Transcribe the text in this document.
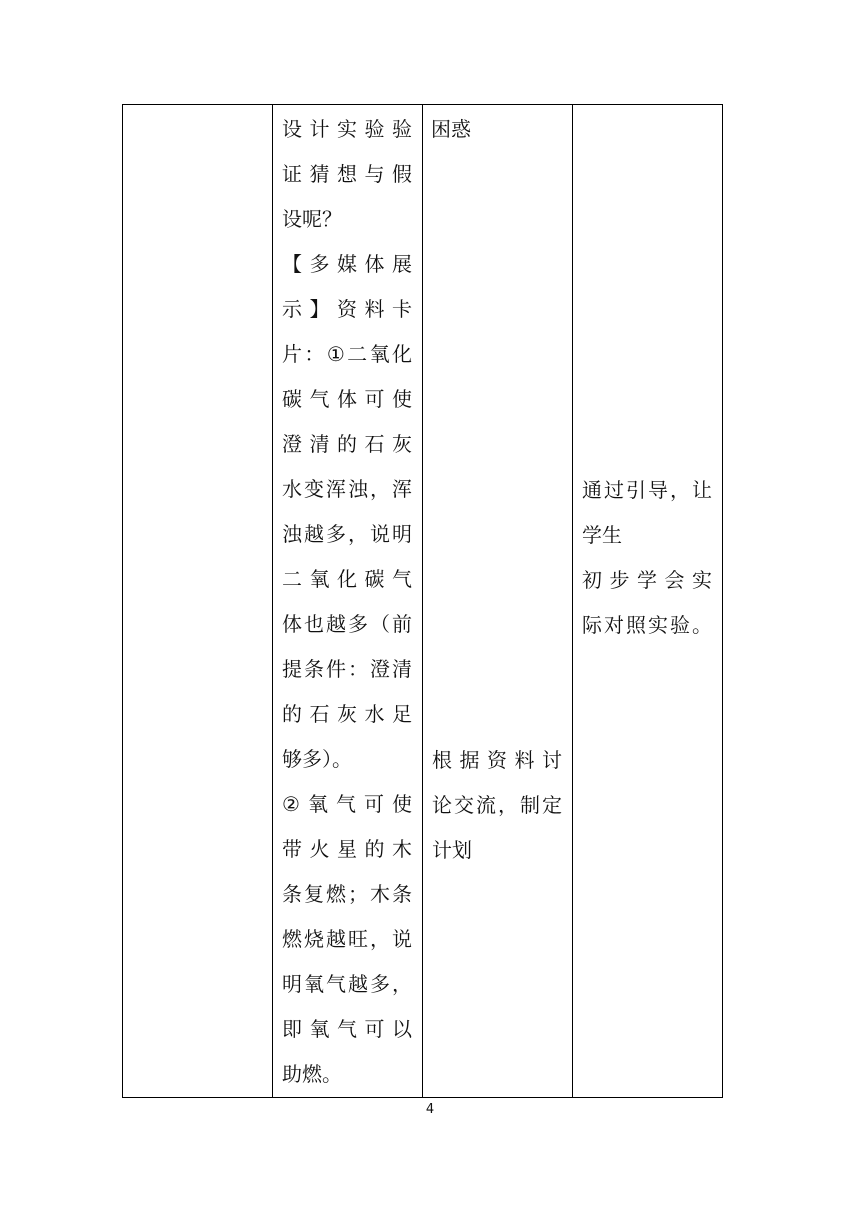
设计实验验
证猜想与假
设呢？
【多媒体展
示】资料卡
片：①二氧化
碳气体可使
澄清的石灰
水变浑浊，浑
浊越多，说明
二氧化碳气
体也越多（前
提条件：澄清
的石灰水足
够多）。
②氧气可使
带火星的木
条复燃；木条
燃烧越旺，说
明氧气越多，
即氧气可以
助燃。

困惑
根据资料讨
论交流，制定
计划

通过引导，让
学生
初步学会实
际对照实验。
4
